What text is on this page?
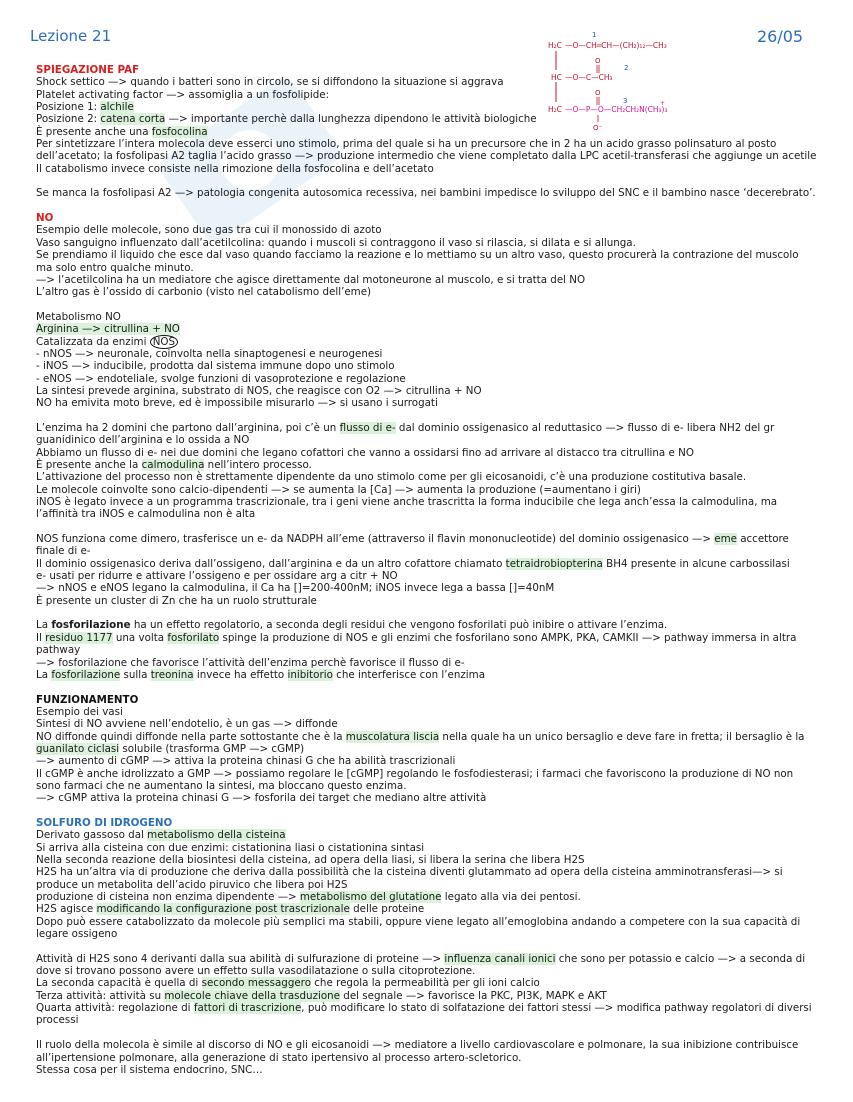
Lezione 21	26/05
H₂C —O—CH═CH—(CH₂)₁₂—CH₃
1
HC —O—C—CH₃
O
2
H₂C —O—P—O—CH₂CH₂N(CH₃)₃
O
O⁻
+
3
SPIEGAZIONE PAF
Shock settico —> quando i batteri sono in circolo, se si diffondono la situazione si aggrava
Platelet activating factor —> assomiglia a un fosfolipide:
Posizione 1: alchile
Posizione 2: catena corta —> importante perchè dalla lunghezza dipendono le attività biologiche
È presente anche una fosfocolina
Per sintetizzare l’intera molecola deve esserci uno stimolo, prima del quale si ha un precursore che in 2 ha un acido grasso polinsaturo al posto
dell’acetato; la fosfolipasi A2 taglia l’acido grasso —> produzione intermedio che viene completato dalla LPC acetil-transferasi che aggiunge un acetile
Il catabolismo invece consiste nella rimozione della fosfocolina e dell’acetato
Se manca la fosfolipasi A2 —> patologia congenita autosomica recessiva, nei bambini impedisce lo sviluppo del SNC e il bambino nasce ‘decerebrato’.
NO
Esempio delle molecole, sono due gas tra cui il monossido di azoto
Vaso sanguigno influenzato dall’acetilcolina: quando i muscoli si contraggono il vaso si rilascia, si dilata e si allunga.
Se prendiamo il liquido che esce dal vaso quando facciamo la reazione e lo mettiamo su un altro vaso, questo procurerà la contrazione del muscolo
ma solo entro qualche minuto.
—> l’acetilcolina ha un mediatore che agisce direttamente dal motoneurone al muscolo, e si tratta del NO
L’altro gas è l’ossido di carbonio (visto nel catabolismo dell’eme)
Metabolismo NO
Arginina —> citrullina + NO
Catalizzata da enzimi NOS
- nNOS —> neuronale, coinvolta nella sinaptogenesi e neurogenesi
- iNOS —> inducibile, prodotta dal sistema immune dopo uno stimolo
- eNOS —> endoteliale, svolge funzioni di vasoprotezione e regolazione
La sintesi prevede arginina, substrato di NOS, che reagisce con O2 —> citrullina + NO
NO ha emivita moto breve, ed è impossibile misurarlo —> si usano i surrogati
L’enzima ha 2 domini che partono dall’arginina, poi c’è un flusso di e- dal dominio ossigenasico al reduttasico —> flusso di e- libera NH2 del gr
guanidinico dell’arginina e lo ossida a NO
Abbiamo un flusso di e- nei due domini che legano cofattori che vanno a ossidarsi fino ad arrivare al distacco tra citrullina e NO
È presente anche la calmodulina nell’intero processo.
L’attivazione del processo non è strettamente dipendente da uno stimolo come per gli eicosanoidi, c’è una produzione costitutiva basale.
Le molecole coinvolte sono calcio-dipendenti —> se aumenta la [Ca] —> aumenta la produzione (=aumentano i giri)
iNOS è legato invece a un programma trascrizionale, tra i geni viene anche trascritta la forma inducibile che lega anch’essa la calmodulina, ma
l’affinità tra iNOS e calmodulina non è alta
NOS funziona come dimero, trasferisce un e- da NADPH all’eme (attraverso il flavin mononucleotide) del dominio ossigenasico —> eme accettore
finale di e-
Il dominio ossigenasico deriva dall’ossigeno, dall’arginina e da un altro cofattore chiamato tetraidrobiopterina BH4 presente in alcune carbossilasi
e- usati per ridurre e attivare l’ossigeno e per ossidare arg a citr + NO
—> nNOS e eNOS legano la calmodulina, il Ca ha []=200-400nM; iNOS invece lega a bassa []=40nM
È presente un cluster di Zn che ha un ruolo strutturale
La fosforilazione ha un effetto regolatorio, a seconda degli residui che vengono fosforilati può inibire o attivare l’enzima.
Il residuo 1177 una volta fosforilato spinge la produzione di NOS e gli enzimi che fosforilano sono AMPK, PKA, CAMKII —> pathway immersa in altra
pathway
—> fosforilazione che favorisce l’attività dell’enzima perchè favorisce il flusso di e-
La fosforilazione sulla treonina invece ha effetto inibitorio che interferisce con l’enzima
FUNZIONAMENTO
Esempio dei vasi
Sintesi di NO avviene nell’endotelio, è un gas —> diffonde
NO diffonde quindi diffonde nella parte sottostante che è la muscolatura liscia nella quale ha un unico bersaglio e deve fare in fretta; il bersaglio è la
guanilato ciclasi solubile (trasforma GMP —> cGMP)
—> aumento di cGMP —> attiva la proteina chinasi G che ha abilità trascrizionali
Il cGMP è anche idrolizzato a GMP —> possiamo regolare le [cGMP] regolando le fosfodiesterasi; i farmaci che favoriscono la produzione di NO non
sono farmaci che ne aumentano la sintesi, ma bloccano questo enzima.
—> cGMP attiva la proteina chinasi G —> fosforila dei target che mediano altre attività
SOLFURO DI IDROGENO
Derivato gassoso dal metabolismo della cisteina
Si arriva alla cisteina con due enzimi: cistationina liasi o cistationina sintasi
Nella seconda reazione della biosintesi della cisteina, ad opera della liasi, si libera la serina che libera H2S
H2S ha un’altra via di produzione che deriva dalla possibilità che la cisteina diventi glutammato ad opera della cisteina amminotransferasi—> si
produce un metabolita dell’acido piruvico che libera poi H2S
produzione di cisteina non enzima dipendente —> metabolismo del glutatione legato alla via dei pentosi.
H2S agisce modificando la configurazione post trascrizionale delle proteine
Dopo può essere catabolizzato da molecole più semplici ma stabili, oppure viene legato all’emoglobina andando a competere con la sua capacità di
legare ossigeno
Attività di H2S sono 4 derivanti dalla sua abilità di sulfurazione di proteine —> influenza canali ionici che sono per potassio e calcio —> a seconda di
dove si trovano possono avere un effetto sulla vasodilatazione o sulla citoprotezione.
La seconda capacità è quella di secondo messaggero che regola la permeabilità per gli ioni calcio
Terza attività: attività su molecole chiave della trasduzione del segnale —> favorisce la PKC, PI3K, MAPK e AKT
Quarta attività: regolazione di fattori di trascrizione, può modificare lo stato di solfatazione dei fattori stessi —> modifica pathway regolatori di diversi
processi
Il ruolo della molecola è simile al discorso di NO e gli eicosanoidi —> mediatore a livello cardiovascolare e polmonare, la sua inibizione contribuisce
all’ipertensione polmonare, alla generazione di stato ipertensivo al processo artero-scletorico.
Stessa cosa per il sistema endocrino, SNC…
